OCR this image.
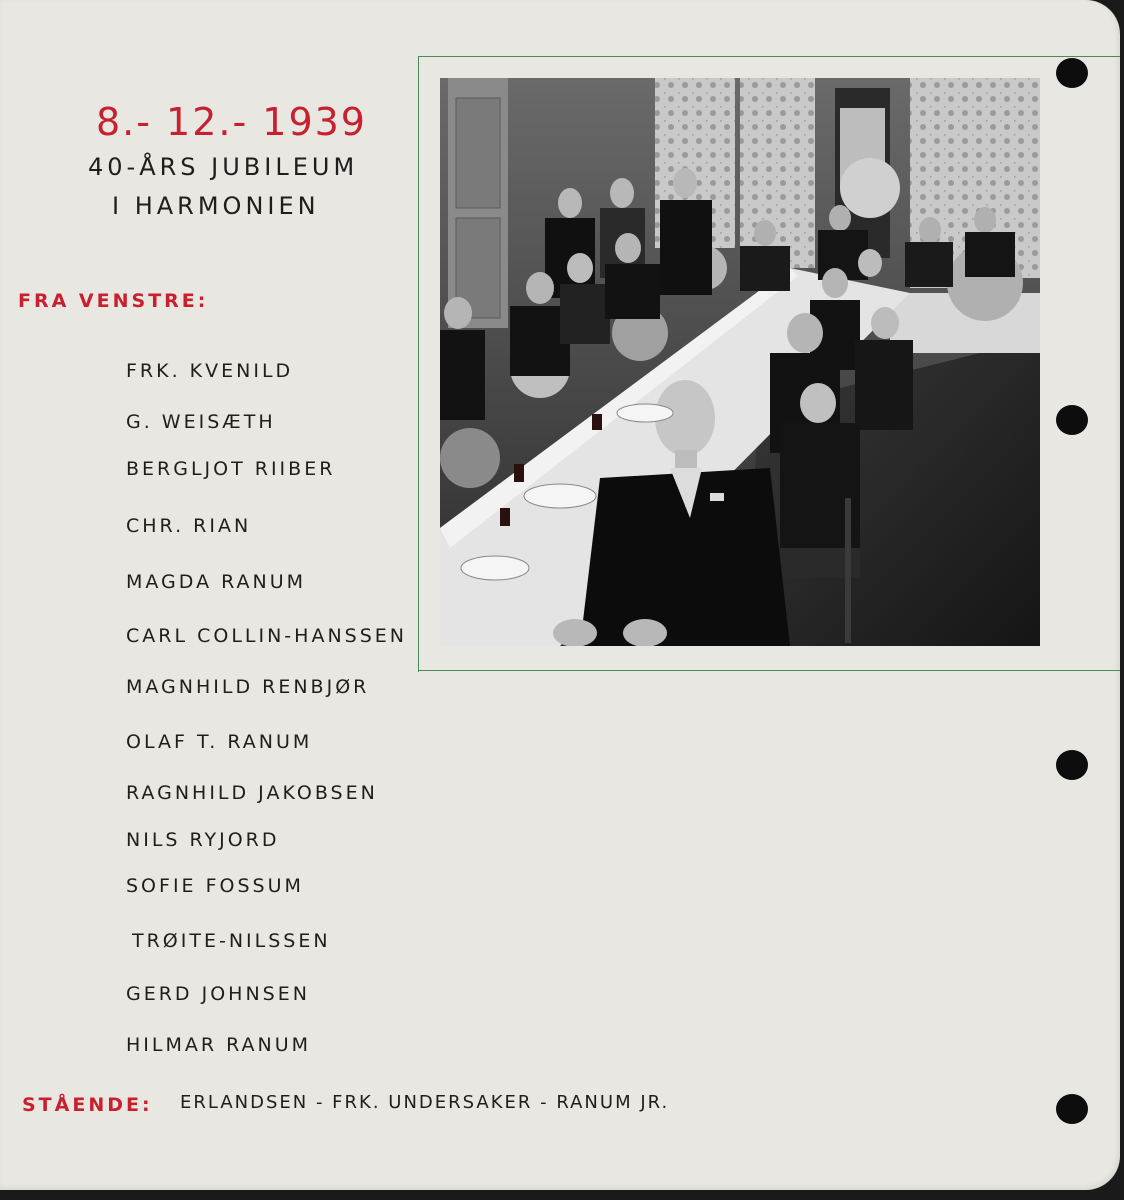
8.- 12.- 1939
40-ÅRS JUBILEUM
I HARMONIEN
FRA VENSTRE:
FRK. KVENILD
G. WEISÆTH
BERGLJOT RIIBER
CHR. RIAN
MAGDA RANUM
CARL COLLIN-HANSSEN
MAGNHILD RENBJØR
OLAF T. RANUM
RAGNHILD JAKOBSEN
NILS RYJORD
SOFIE FOSSUM
TRØITE-NILSSEN
GERD JOHNSEN
HILMAR RANUM
STÅENDE: ERLANDSEN - FRK. UNDERSAKER - RANUM JR.
